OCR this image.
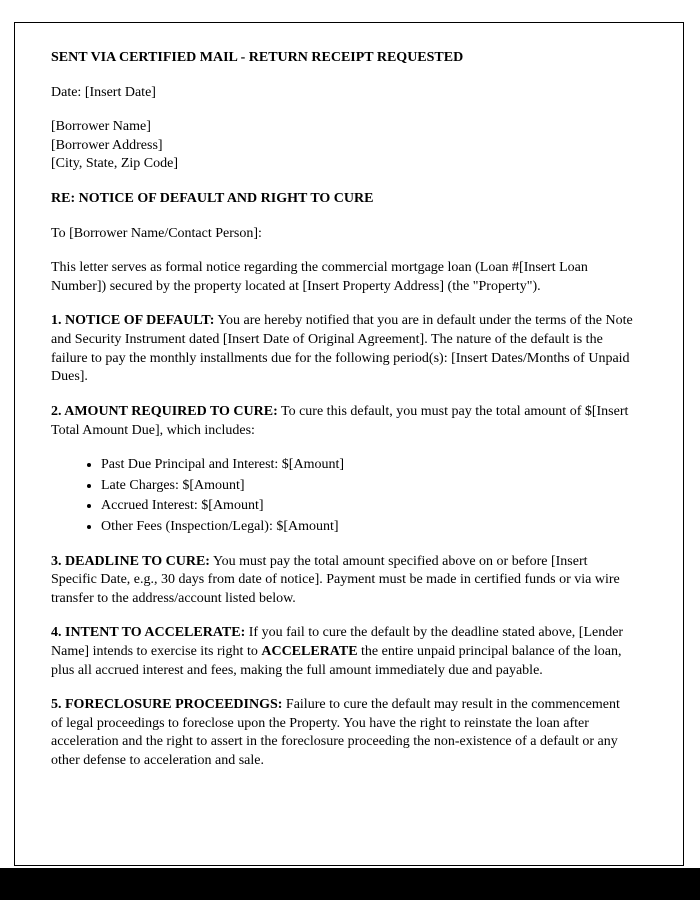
SENT VIA CERTIFIED MAIL - RETURN RECEIPT REQUESTED

Date: [Insert Date]

[Borrower Name]
[Borrower Address]
[City, State, Zip Code]

RE: NOTICE OF DEFAULT AND RIGHT TO CURE

To [Borrower Name/Contact Person]:

This letter serves as formal notice regarding the commercial mortgage loan (Loan #[Insert Loan Number]) secured by the property located at [Insert Property Address] (the "Property").

1. NOTICE OF DEFAULT: You are hereby notified that you are in default under the terms of the Note and Security Instrument dated [Insert Date of Original Agreement]. The nature of the default is the failure to pay the monthly installments due for the following period(s): [Insert Dates/Months of Unpaid Dues].

2. AMOUNT REQUIRED TO CURE: To cure this default, you must pay the total amount of $[Insert Total Amount Due], which includes:

• Past Due Principal and Interest: $[Amount]
• Late Charges: $[Amount]
• Accrued Interest: $[Amount]
• Other Fees (Inspection/Legal): $[Amount]

3. DEADLINE TO CURE: You must pay the total amount specified above on or before [Insert Specific Date, e.g., 30 days from date of notice]. Payment must be made in certified funds or via wire transfer to the address/account listed below.

4. INTENT TO ACCELERATE: If you fail to cure the default by the deadline stated above, [Lender Name] intends to exercise its right to ACCELERATE the entire unpaid principal balance of the loan, plus all accrued interest and fees, making the full amount immediately due and payable.

5. FORECLOSURE PROCEEDINGS: Failure to cure the default may result in the commencement of legal proceedings to foreclose upon the Property. You have the right to reinstate the loan after acceleration and the right to assert in the foreclosure proceeding the non-existence of a default or any other defense to acceleration and sale.
